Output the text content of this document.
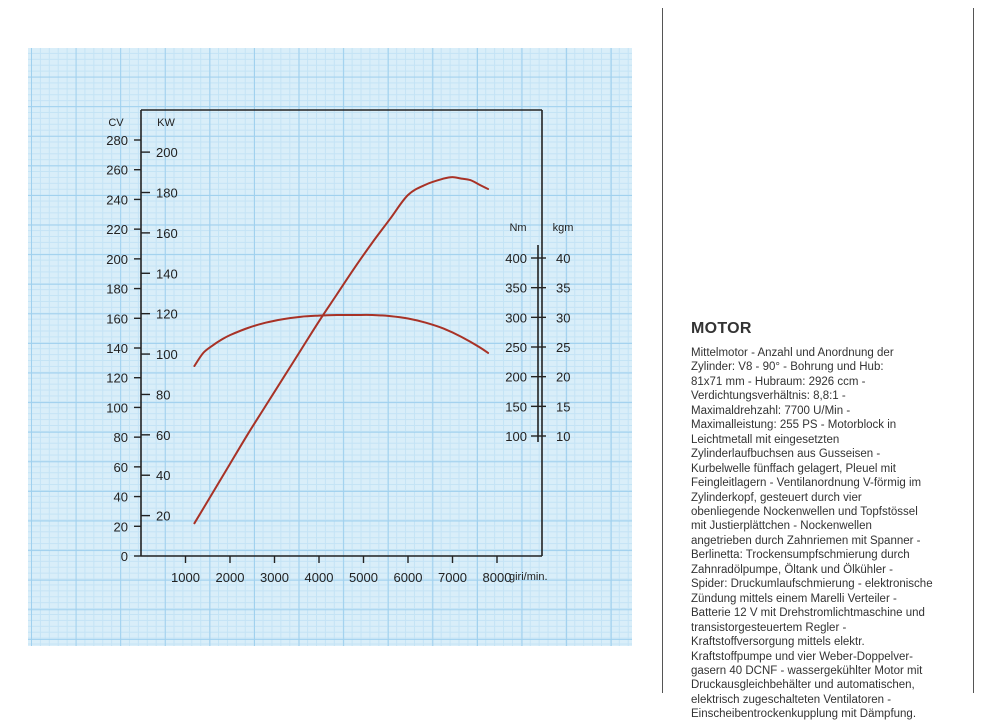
CV
0
20
40
60
80
100
120
140
160
180
200
220
240
260
280
KW
20
40
60
80
100
120
140
160
180
200
1000 2000 3000 4000 5000 6000 7000 8000
giri/min.
Nm
100
150
200
250
300
350
400
kgm
10
15
20
25
30
35
40
MOTOR
Mittelmotor - Anzahl und Anordnung der
Zylinder: V8 - 90° - Bohrung und Hub:
81x71 mm - Hubraum: 2926 ccm -
Verdichtungsverhältnis: 8,8:1 -
Maximaldrehzahl: 7700 U/Min -
Maximalleistung: 255 PS - Motorblock in
Leichtmetall mit eingesetzten
Zylinderlaufbuchsen aus Gusseisen -
Kurbelwelle fünffach gelagert, Pleuel mit
Feingleitlagern - Ventilanordnung V-förmig im
Zylinderkopf, gesteuert durch vier
obenliegende Nockenwellen und Topfstössel
mit Justierplättchen - Nockenwellen
angetrieben durch Zahnriemen mit Spanner -
Berlinetta: Trockensumpfschmierung durch
Zahnradölpumpe, Öltank und Ölkühler -
Spider: Druckumlaufschmierung - elektronische
Zündung mittels einem Marelli Verteiler -
Batterie 12 V mit Drehstromlichtmaschine und
transistorgesteuertem Regler -
Kraftstoffversorgung mittels elektr.
Kraftstoffpumpe und vier Weber-Doppelver-
gasern 40 DCNF - wassergekühlter Motor mit
Druckausgleichbehälter und automatischen,
elektrisch zugeschalteten Ventilatoren -
Einscheibentrockenkupplung mit Dämpfung.
